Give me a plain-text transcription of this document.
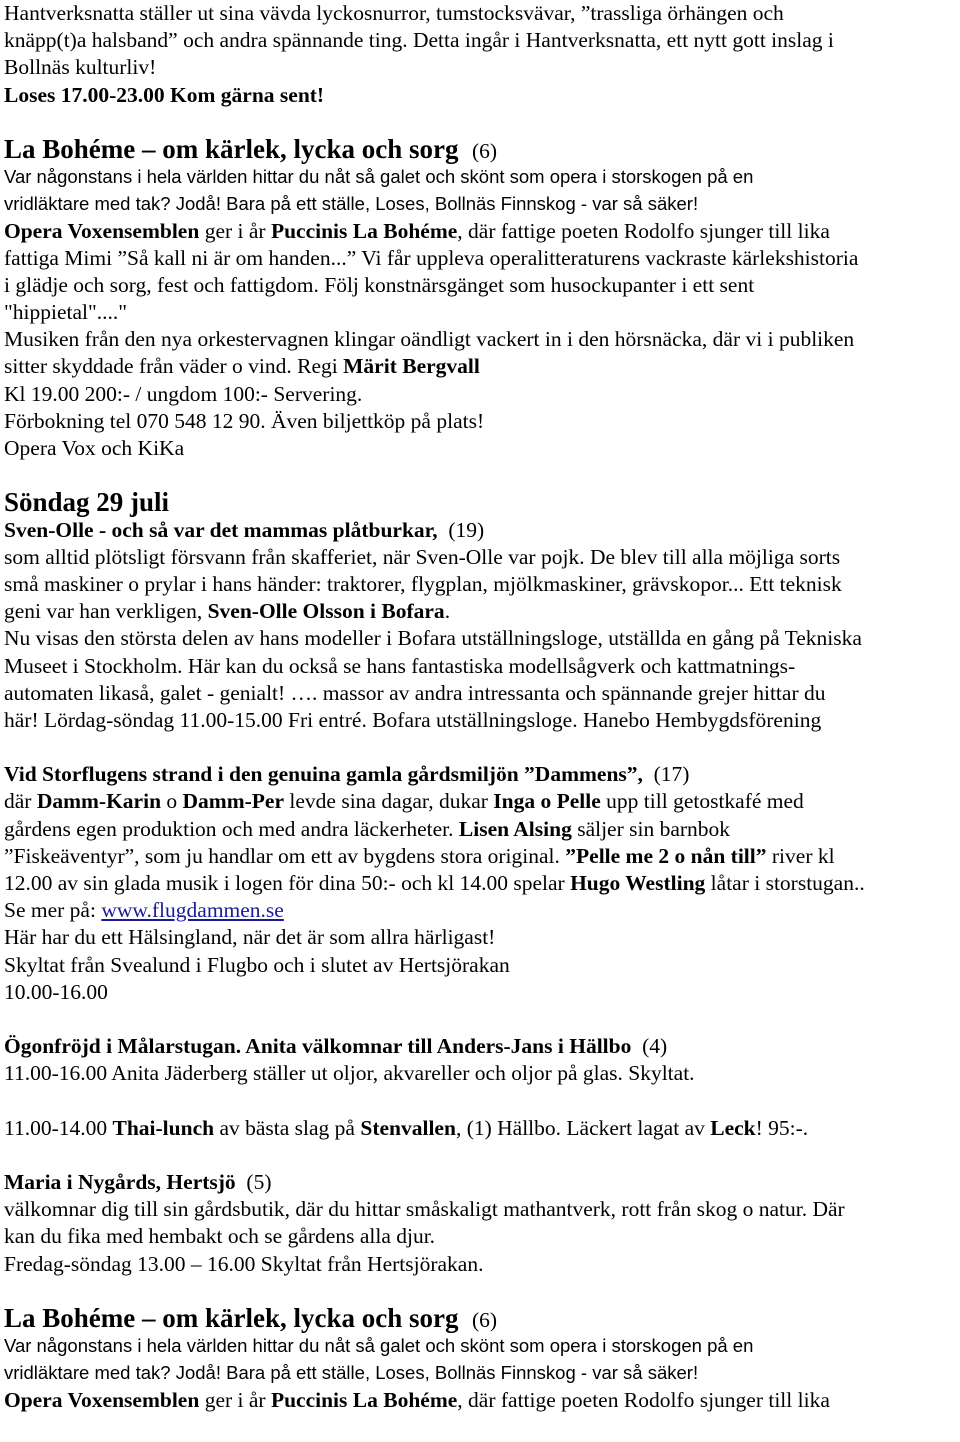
Hantverksnatta ställer ut sina vävda lyckosnurror, tumstocksvävar, ”trassliga örhängen och
knäpp(t)a halsband” och andra spännande ting. Detta ingår i Hantverksnatta, ett nytt gott inslag i
Bollnäs kulturliv!
Loses 17.00-23.00 Kom gärna sent!
La Bohéme – om kärlek, lycka och sorg (6)
Var någonstans i hela världen hittar du nåt så galet och skönt som opera i storskogen på en
vridläktare med tak? Jodå! Bara på ett ställe, Loses, Bollnäs Finnskog - var så säker!
Opera Voxensemblen ger i år Puccinis La Bohéme, där fattige poeten Rodolfo sjunger till lika
fattiga Mimi ”Så kall ni är om handen...” Vi får uppleva operalitteraturens vackraste kärlekshistoria
i glädje och sorg, fest och fattigdom. Följ konstnärsgänget som husockupanter i ett sent
"hippietal"...."
Musiken från den nya orkestervagnen klingar oändligt vackert in i den hörsnäcka, där vi i publiken
sitter skyddade från väder o vind. Regi Märit Bergvall
Kl 19.00 200:- / ungdom 100:- Servering.
Förbokning tel 070 548 12 90. Även biljettköp på plats!
Opera Vox och KiKa
Söndag 29 juli
Sven-Olle - och så var det mammas plåtburkar, (19)
som alltid plötsligt försvann från skafferiet, när Sven-Olle var pojk. De blev till alla möjliga sorts
små maskiner o prylar i hans händer: traktorer, flygplan, mjölkmaskiner, grävskopor... Ett teknisk
geni var han verkligen, Sven-Olle Olsson i Bofara.
Nu visas den största delen av hans modeller i Bofara utställningsloge, utställda en gång på Tekniska
Museet i Stockholm. Här kan du också se hans fantastiska modellsågverk och kattmatnings-
automaten likaså, galet - genialt! …. massor av andra intressanta och spännande grejer hittar du
här! Lördag-söndag 11.00-15.00 Fri entré. Bofara utställningsloge. Hanebo Hembygdsförening
Vid Storflugens strand i den genuina gamla gårdsmiljön ”Dammens”, (17)
där Damm-Karin o Damm-Per levde sina dagar, dukar Inga o Pelle upp till getostkafé med
gårdens egen produktion och med andra läckerheter. Lisen Alsing säljer sin barnbok
”Fiskeäventyr”, som ju handlar om ett av bygdens stora original. ”Pelle me 2 o nån till” river kl
12.00 av sin glada musik i logen för dina 50:- och kl 14.00 spelar Hugo Westling låtar i storstugan..
Se mer på: www.flugdammen.se
Här har du ett Hälsingland, när det är som allra härligast!
Skyltat från Svealund i Flugbo och i slutet av Hertsjörakan
10.00-16.00
Ögonfröjd i Målarstugan. Anita välkomnar till Anders-Jans i Hällbo (4)
11.00-16.00 Anita Jäderberg ställer ut oljor, akvareller och oljor på glas. Skyltat.
11.00-14.00 Thai-lunch av bästa slag på Stenvallen, (1) Hällbo. Läckert lagat av Leck! 95:-.
Maria i Nygårds, Hertsjö (5)
välkomnar dig till sin gårdsbutik, där du hittar småskaligt mathantverk, rott från skog o natur. Där
kan du fika med hembakt och se gårdens alla djur.
Fredag-söndag 13.00 – 16.00 Skyltat från Hertsjörakan.
La Bohéme – om kärlek, lycka och sorg (6)
Var någonstans i hela världen hittar du nåt så galet och skönt som opera i storskogen på en
vridläktare med tak? Jodå! Bara på ett ställe, Loses, Bollnäs Finnskog - var så säker!
Opera Voxensemblen ger i år Puccinis La Bohéme, där fattige poeten Rodolfo sjunger till lika
